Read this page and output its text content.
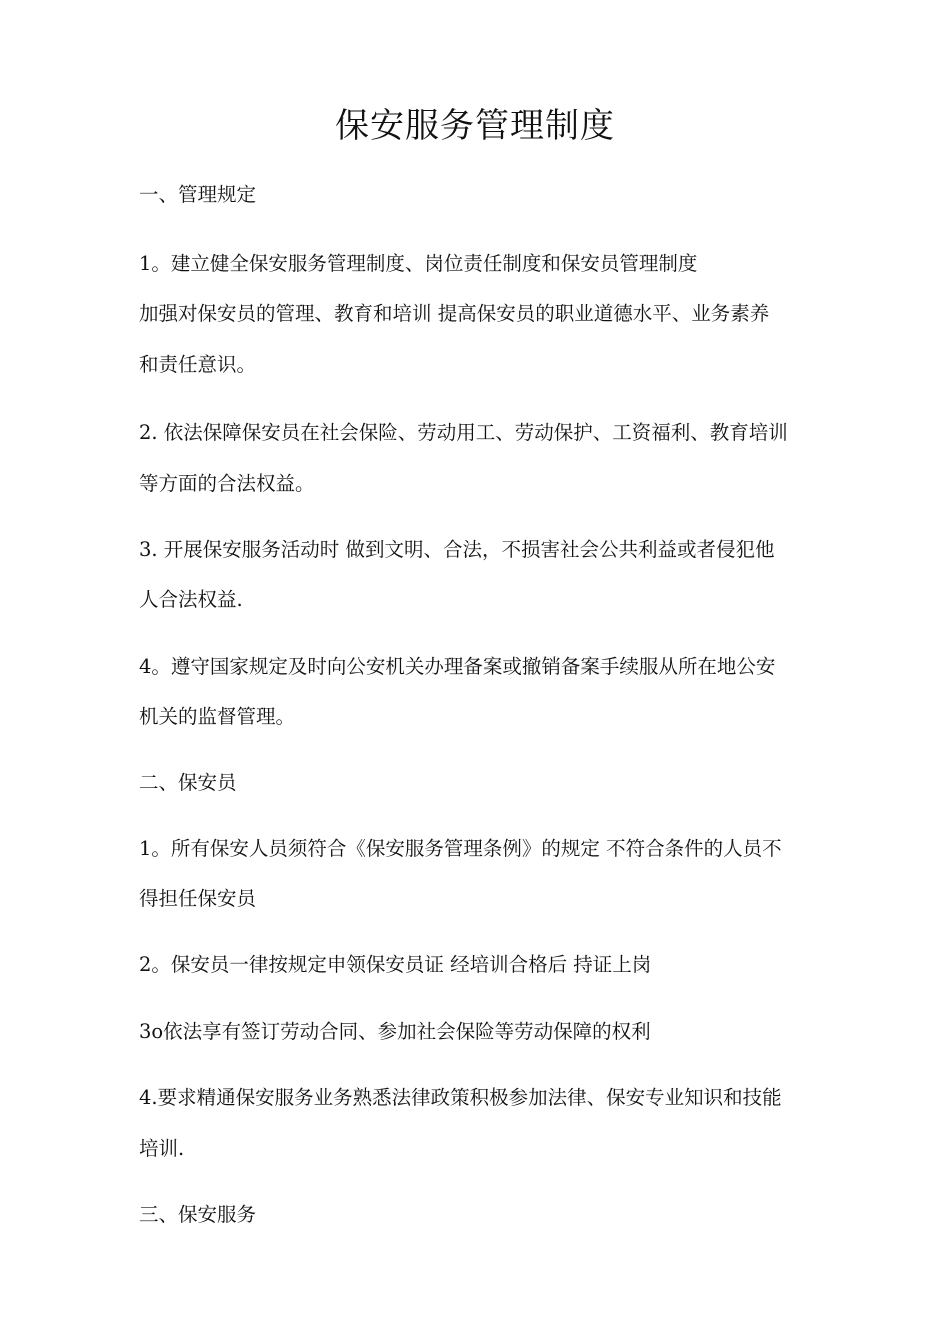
保安服务管理制度

一、管理规定

1。建立健全保安服务管理制度、岗位责任制度和保安员管理制度

加强对保安员的管理、教育和培训 提高保安员的职业道德水平、业务素养

和责任意识。

2. 依法保障保安员在社会保险、劳动用工、劳动保护、工资福利、教育培训

等方面的合法权益。

3. 开展保安服务活动时 做到文明、合法，不损害社会公共利益或者侵犯他

人合法权益.

4。遵守国家规定及时向公安机关办理备案或撤销备案手续服从所在地公安

机关的监督管理。

二、保安员

1。所有保安人员须符合《保安服务管理条例》的规定 不符合条件的人员不

得担任保安员

2。保安员一律按规定申领保安员证 经培训合格后 持证上岗

3o依法享有签订劳动合同、参加社会保险等劳动保障的权利

4.要求精通保安服务业务熟悉法律政策积极参加法律、保安专业知识和技能

培训.

三、保安服务
